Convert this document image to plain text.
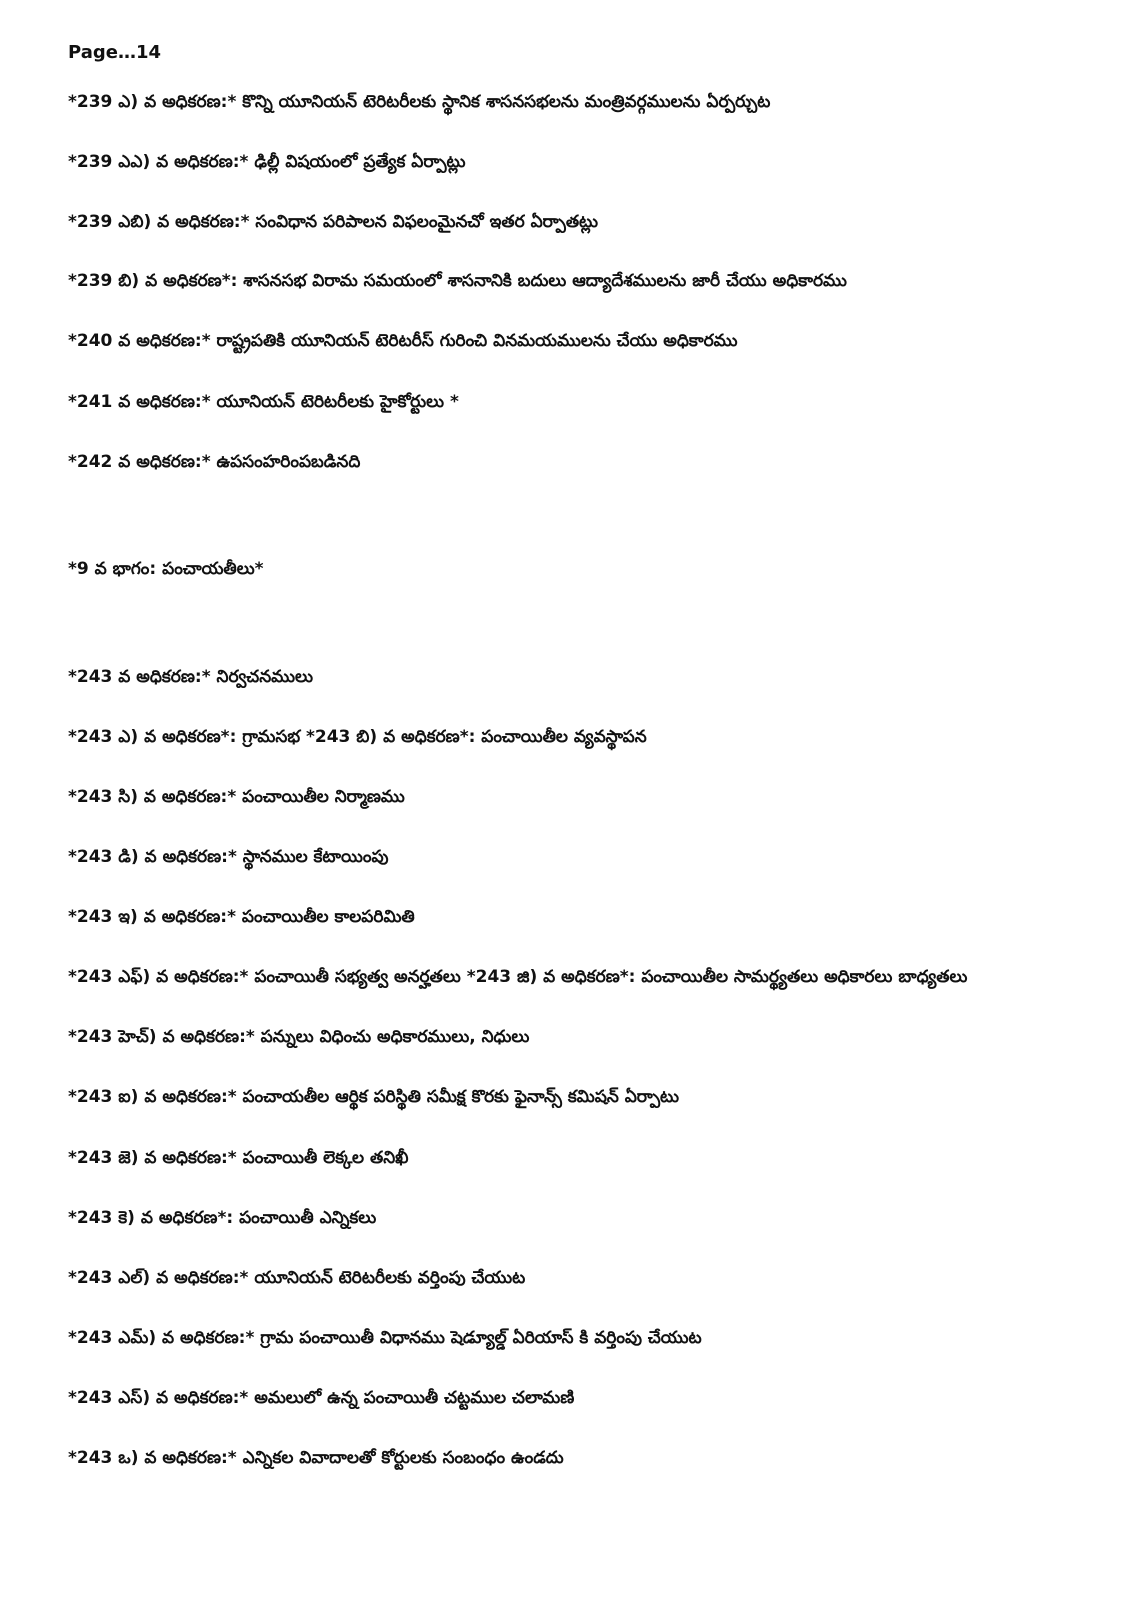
Page…14
*239 ఎ) వ అధికరణ:* కొన్ని యూనియన్ టెరిటరీలకు స్థానిక శాసనసభలను మంత్రివర్గములను ఏర్పర్చుట
*239 ఎఎ) వ అధికరణ:* ఢిల్లీ విషయంలో ప్రత్యేక ఏర్పాట్లు
*239 ఎబి) వ అధికరణ:* సంవిధాన పరిపాలన విఫలంమైనచో ఇతర ఏర్పాతట్లు
*239 బి) వ అధికరణ*: శాసనసభ విరామ సమయంలో శాసనానికి బదులు ఆద్యాదేశములను జారీ చేయు అధికారము
*240 వ అధికరణ:* రాష్ట్రపతికి యూనియన్ టెరిటరీస్ గురించి వినమయములను చేయు అధికారము
*241 వ అధికరణ:* యూనియన్ టెరిటరీలకు హైకోర్టులు *
*242 వ అధికరణ:* ఉపసంహరింపబడినది
*9 వ భాగం: పంచాయతీలు*
*243 వ అధికరణ:* నిర్వచనములు
*243 ఎ) వ అధికరణ*: గ్రామసభ *243 బి) వ అధికరణ*: పంచాయితీల వ్యవస్థాపన
*243 సి) వ అధికరణ:* పంచాయితీల నిర్మాణము
*243 డి) వ అధికరణ:* స్థానముల కేటాయింపు
*243 ఇ) వ అధికరణ:* పంచాయితీల కాలపరిమితి
*243 ఎఫ్) వ అధికరణ:* పంచాయితీ సభ్యత్వ అనర్హతలు *243 జి) వ అధికరణ*: పంచాయితీల సామర్థ్యతలు అధికారలు బాధ్యతలు
*243 హెచ్) వ అధికరణ:* పన్నులు విధించు అధికారములు, నిధులు
*243 ఐ) వ అధికరణ:* పంచాయతీల ఆర్థిక పరిస్థితి సమీక్ష కొరకు ఫైనాన్స్ కమిషన్ ఏర్పాటు
*243 జె) వ అధికరణ:* పంచాయితీ లెక్కల తనిఖీ
*243 కె) వ అధికరణ*: పంచాయితీ ఎన్నికలు
*243 ఎల్) వ అధికరణ:* యూనియన్ టెరిటరీలకు వర్తింపు చేయుట
*243 ఎమ్) వ అధికరణ:* గ్రామ పంచాయితీ విధానము షెడ్యూల్డ్ ఏరియాస్ కి వర్తింపు చేయుట
*243 ఎస్) వ అధికరణ:* అమలులో ఉన్న పంచాయితీ చట్టముల చలామణి
*243 ఒ) వ అధికరణ:* ఎన్నికల వివాదాలతో కోర్టులకు సంబంధం ఉండదు
